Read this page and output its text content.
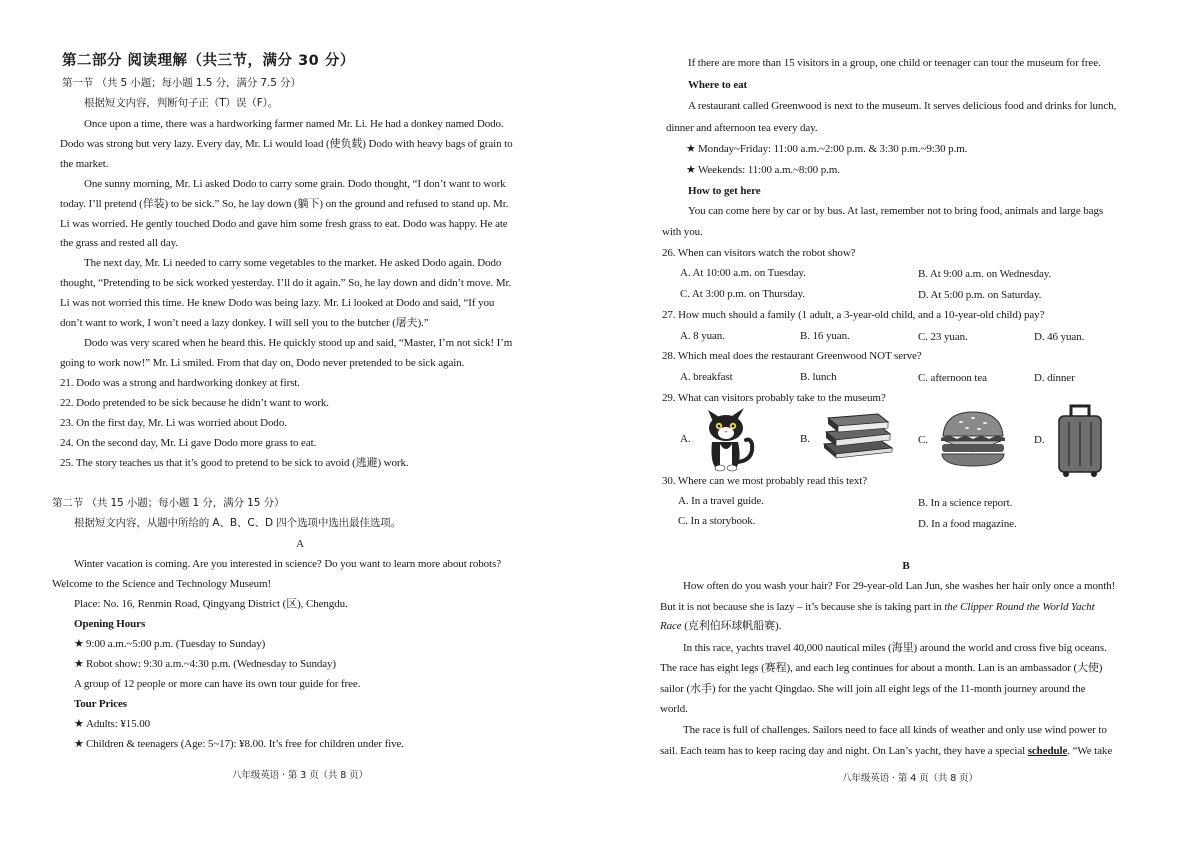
第二部分 阅读理解（共三节，满分 30 分）
第一节 （共 5 小题；每小题 1.5 分，满分 7.5 分）
根据短文内容，判断句子正（T）误（F）。
Once upon a time, there was a hardworking farmer named Mr. Li. He had a donkey named Dodo.
Dodo was strong but very lazy. Every day, Mr. Li would load (使负载) Dodo with heavy bags of grain to
the market.
One sunny morning, Mr. Li asked Dodo to carry some grain. Dodo thought, “I don’t want to work
today. I’ll pretend (佯装) to be sick.” So, he lay down (躺下) on the ground and refused to stand up. Mr.
Li was worried. He gently touched Dodo and gave him some fresh grass to eat. Dodo was happy. He ate
the grass and rested all day.
The next day, Mr. Li needed to carry some vegetables to the market. He asked Dodo again. Dodo
thought, “Pretending to be sick worked yesterday. I’ll do it again.” So, he lay down and didn’t move. Mr.
Li was not worried this time. He knew Dodo was being lazy. Mr. Li looked at Dodo and said, “If you
don’t want to work, I won’t need a lazy donkey. I will sell you to the butcher (屠夫).”
Dodo was very scared when he heard this. He quickly stood up and said, “Master, I’m not sick! I’m
going to work now!” Mr. Li smiled. From that day on, Dodo never pretended to be sick again.
21. Dodo was a strong and hardworking donkey at first.
22. Dodo pretended to be sick because he didn’t want to work.
23. On the first day, Mr. Li was worried about Dodo.
24. On the second day, Mr. Li gave Dodo more grass to eat.
25. The story teaches us that it’s good to pretend to be sick to avoid (逃避) work.
第二节 （共 15 小题；每小题 1 分，满分 15 分）
根据短文内容，从题中所给的 A、B、C、D 四个选项中选出最佳选项。
A
Winter vacation is coming. Are you interested in science? Do you want to learn more about robots?
Welcome to the Science and Technology Museum!
Place: No. 16, Renmin Road, Qingyang District (区), Chengdu.
Opening Hours
★ 9:00 a.m.~5:00 p.m. (Tuesday to Sunday)
★ Robot show: 9:30 a.m.~4:30 p.m. (Wednesday to Sunday)
A group of 12 people or more can have its own tour guide for free.
Tour Prices
★ Adults: ¥15.00
★ Children & teenagers (Age: 5~17): ¥8.00. It’s free for children under five.
八年级英语 · 第 3 页（共 8 页）
If there are more than 15 visitors in a group, one child or teenager can tour the museum for free.
Where to eat
A restaurant called Greenwood is next to the museum. It serves delicious food and drinks for lunch,
dinner and afternoon tea every day.
★ Monday~Friday: 11:00 a.m.~2:00 p.m. & 3:30 p.m.~9:30 p.m.
★ Weekends: 11:00 a.m.~8:00 p.m.
How to get here
You can come here by car or by bus. At last, remember not to bring food, animals and large bags
with you.
26. When can visitors watch the robot show?
A. At 10:00 a.m. on Tuesday.	B. At 9:00 a.m. on Wednesday.
C. At 3:00 p.m. on Thursday.	D. At 5:00 p.m. on Saturday.
27. How much should a family (1 adult, a 3-year-old child, and a 10-year-old child) pay?
A. 8 yuan.	B. 16 yuan.	C. 23 yuan.	D. 46 yuan.
28. Which meal does the restaurant Greenwood NOT serve?
A. breakfast	B. lunch	C. afternoon tea	D. dinner
29. What can visitors probably take to the museum?
A.	B.	C.	D.
30. Where can we most probably read this text?
A. In a travel guide.	B. In a science report.
C. In a storybook.	D. In a food magazine.
B
How often do you wash your hair? For 29-year-old Lan Jun, she washes her hair only once a month!
But it is not because she is lazy – it’s because she is taking part in the Clipper Round the World Yacht
Race (克利伯环球帆船赛).
In this race, yachts travel 40,000 nautical miles (海里) around the world and cross five big oceans.
The race has eight legs (赛程), and each leg continues for about a month. Lan is an ambassador (大使)
sailor (水手) for the yacht Qingdao. She will join all eight legs of the 11-month journey around the
world.
The race is full of challenges. Sailors need to face all kinds of weather and only use wind power to
sail. Each team has to keep racing day and night. On Lan’s yacht, they have a special schedule. “We take
八年级英语 · 第 4 页（共 8 页）
